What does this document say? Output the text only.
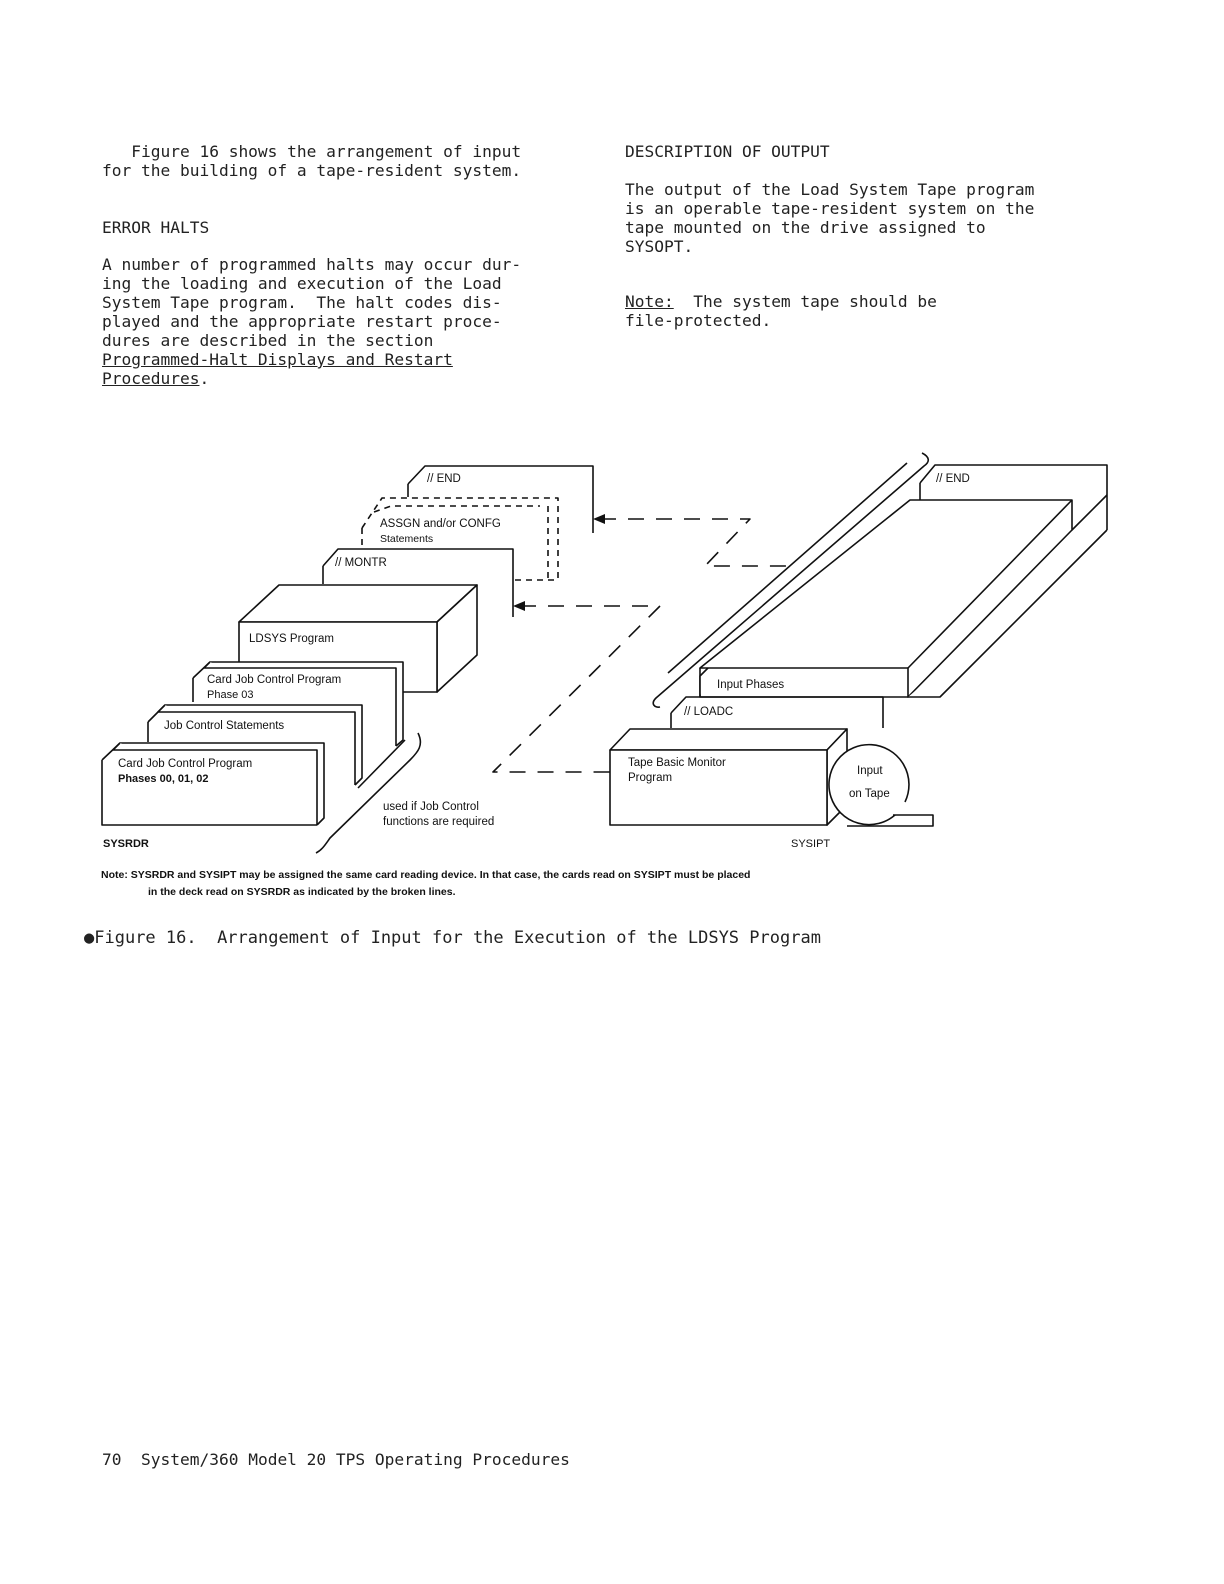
Figure 16 shows the arrangement of input
for the building of a tape-resident system.
ERROR HALTS
A number of programmed halts may occur dur-
ing the loading and execution of the Load
System Tape program.  The halt codes dis-
played and the appropriate restart proce-
dures are described in the section
Programmed-Halt Displays and Restart
Procedures.
DESCRIPTION OF OUTPUT
The output of the Load System Tape program
is an operable tape-resident system on the
tape mounted on the drive assigned to
SYSOPT.
Note:  The system tape should be
file-protected.
// END
ASSGN and/or CONFG
Statements
// MONTR
LDSYS Program
Card Job Control Program
Phase 03
Job Control Statements
Card Job Control Program
Phases 00, 01, 02
used if Job Control
functions are required
SYSRDR
// END
Input Phases
// LOADC
Tape Basic Monitor
Program
Input
on Tape
SYSIPT
Note: SYSRDR and SYSIPT may be assigned the same card reading device. In that case, the cards read on SYSIPT must be placed
in the deck read on SYSRDR as indicated by the broken lines.
●Figure 16.  Arrangement of Input for the Execution of the LDSYS Program
70 System/360 Model 20 TPS Operating Procedures
